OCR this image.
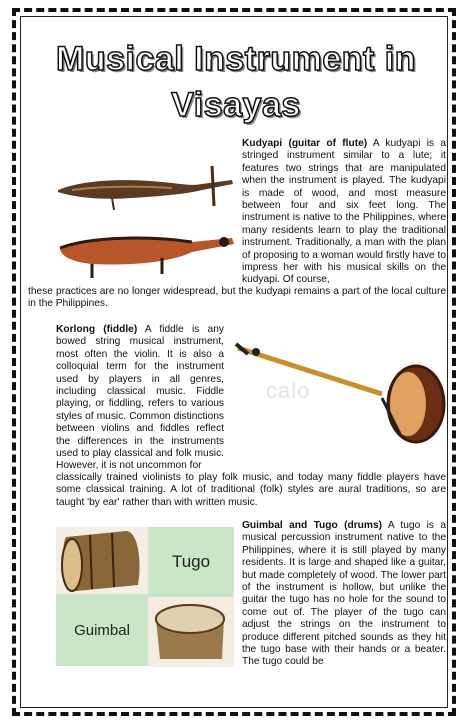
Musical Instrument in Visayas
Kudyapi (guitar of flute) A kudyapi is a stringed instrument similar to a lute; it features two strings that are manipulated when the instrument is played. The kudyapi is made of wood, and most measure between four and six feet long. The instrument is native to the Philippines, where many residents learn to play the traditional instrument. Traditionally, a man with the plan of proposing to a woman would firstly have to impress her with his musical skills on the kudyapi. Of course,
these practices are no longer widespread, but the kudyapi remains a part of the local culture in the Philippines.
Korlong (fiddle) A fiddle is any bowed string musical instrument, most often the violin. It is also a colloquial term for the instrument used by players in all genres, including classical music. Fiddle playing, or fiddling, refers to various styles of music. Common distinctions between violins and fiddles reflect the differences in the instruments used to play classical and folk music. However, it is not uncommon for
calo
classically trained violinists to play folk music, and today many fiddle players have some classical training. A lot of traditional (folk) styles are aural traditions, so are taught 'by ear' rather than with written music.
Tugo
Guimbal
Guimbal and Tugo (drums) A tugo is a musical percussion instrument native to the Philippines, where it is still played by many residents. It is large and shaped like a guitar, but made completely of wood. The lower part of the instrument is hollow, but unlike the guitar the tugo has no hole for the sound to come out of. The player of the tugo can adjust the strings on the instrument to produce different pitched sounds as they hit the tugo base with their hands or a beater. The tugo could be
